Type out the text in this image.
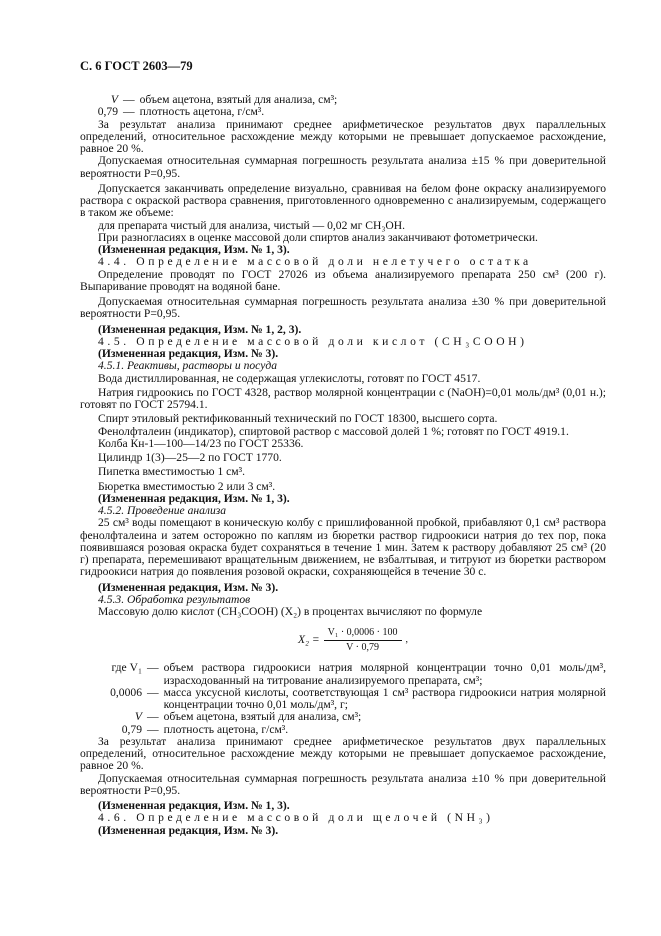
С. 6 ГОСТ 2603—79
V — объем ацетона, взятый для анализа, см³;
0,79 — плотность ацетона, г/см³.

За результат анализа принимают среднее арифметическое результатов двух параллельных определений, относительное расхождение между которыми не превышает допускаемое расхождение, равное 20 %.

Допускаемая относительная суммарная погрешность результата анализа ±15 % при доверительной вероятности P=0,95.

Допускается заканчивать определение визуально, сравнивая на белом фоне окраску анализируемого раствора с окраской раствора сравнения, приготовленного одновременно с анализируемым, содержащего в таком же объеме:

для препарата чистый для анализа, чистый — 0,02 мг CH₃OH.

При разногласиях в оценке массовой доли спиртов анализ заканчивают фотометрически.

(Измененная редакция, Изм. № 1, 3).

4.4. Определение массовой доли нелетучего остатка

Определение проводят по ГОСТ 27026 из объема анализируемого препарата 250 см³ (200 г). Выпаривание проводят на водяной бане.

Допускаемая относительная суммарная погрешность результата анализа ±30 % при доверительной вероятности P=0,95.

(Измененная редакция, Изм. № 1, 2, 3).

4.5. Определение массовой доли кислот (CH₃COOH)

(Измененная редакция, Изм. № 3).

4.5.1. Реактивы, растворы и посуда

Вода дистиллированная, не содержащая углекислоты, готовят по ГОСТ 4517.

Натрия гидроокись по ГОСТ 4328, раствор молярной концентрации c (NaOH)=0,01 моль/дм³ (0,01 н.); готовят по ГОСТ 25794.1.

Спирт этиловый ректификованный технический по ГОСТ 18300, высшего сорта.

Фенолфталеин (индикатор), спиртовой раствор с массовой долей 1 %; готовят по ГОСТ 4919.1.

Колба Кн-1—100—14/23 по ГОСТ 25336.

Цилиндр 1(3)—25—2 по ГОСТ 1770.

Пипетка вместимостью 1 см³.

Бюретка вместимостью 2 или 3 см³.

(Измененная редакция, Изм. № 1, 3).

4.5.2. Проведение анализа

25 см³ воды помещают в коническую колбу с пришлифованной пробкой, прибавляют 0,1 см³ раствора фенолфталеина и затем осторожно по каплям из бюретки раствор гидроокиси натрия до тех пор, пока появившаяся розовая окраска будет сохраняться в течение 1 мин. Затем к раствору добавляют 25 см³ (20 г) препарата, перемешивают вращательным движением, не взбалтывая, и титруют из бюретки раствором гидроокиси натрия до появления розовой окраски, сохраняющейся в течение 30 с.

(Измененная редакция, Изм. № 3).

4.5.3. Обработка результатов

Массовую долю кислот (CH₃COOH) (X₂) в процентах вычисляют по формуле

$X_2 = \frac{\text{V₁ · 0,0006 · 100}}{V \cdot 0,79}$ ,
где V₁ — объем раствора гидроокиси натрия молярной концентрации точно 0,01 моль/дм³, израсходованный на титрование анализируемого препарата, см³;
0,0006 — масса уксусной кислоты, соответствующая 1 см³ раствора гидроокиси натрия молярной концентрации точно 0,01 моль/дм³, г;
V — объем ацетона, взятый для анализа, см³;
0,79 — плотность ацетона, г/см³.

За результат анализа принимают среднее арифметическое результатов двух параллельных определений, относительное расхождение между которыми не превышает допускаемое расхождение, равное 20 %.

Допускаемая относительная суммарная погрешность результата анализа ±10 % при доверительной вероятности P=0,95.

(Измененная редакция, Изм. № 1, 3).

4.6. Определение массовой доли щелочей (NH₃)

(Измененная редакция, Изм. № 3).
